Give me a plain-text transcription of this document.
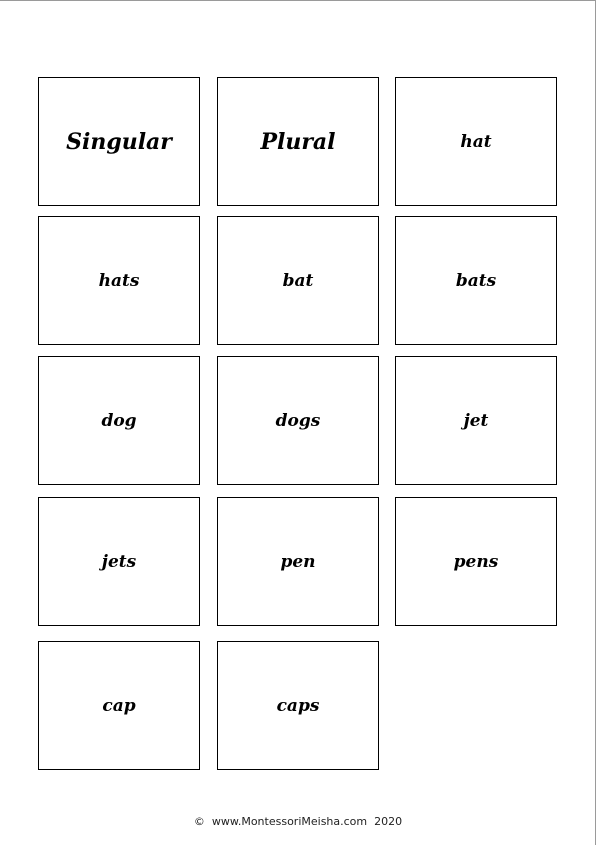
Singular	Plural	hat
hats	bat	bats
dog	dogs	jet
jets	pen	pens
cap	caps
© www.MontessoriMeisha.com  2020
